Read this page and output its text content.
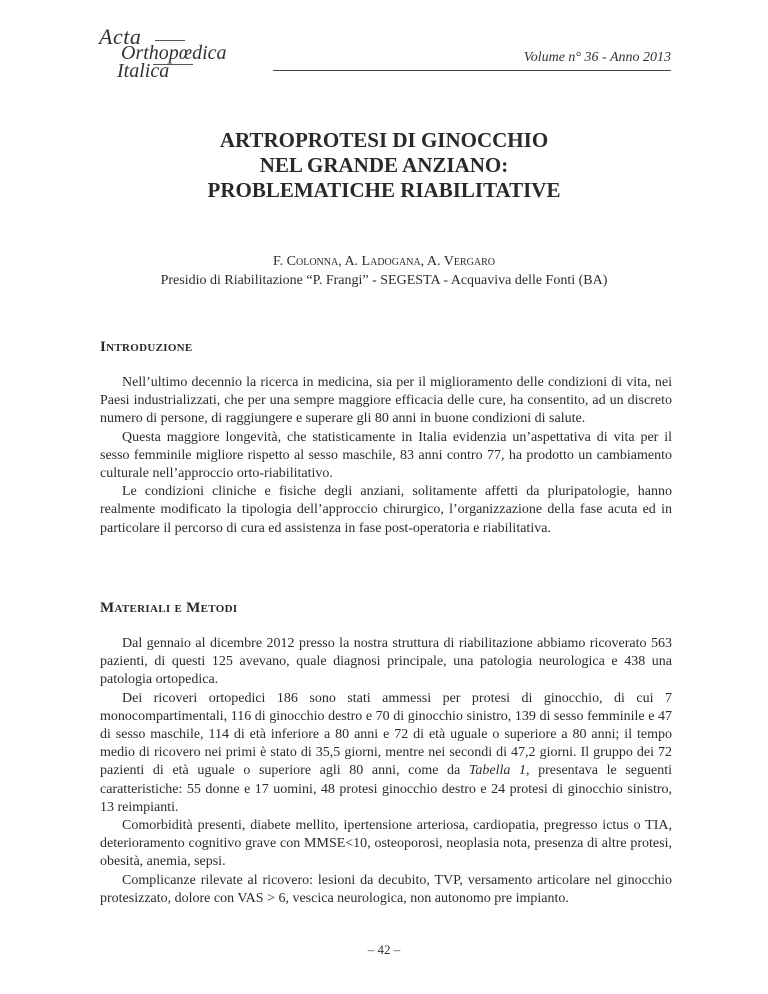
Acta
Orthopœdica
Italica
Volume n° 36 - Anno 2013
ARTROPROTESI DI GINOCCHIO
NEL GRANDE ANZIANO:
PROBLEMATICHE RIABILITATIVE
F. Colonna, A. Ladogana, A. Vergaro
Presidio di Riabilitazione “P. Frangi” - SEGESTA - Acquaviva delle Fonti (BA)
Introduzione

Nell’ultimo decennio la ricerca in medicina, sia per il miglioramento delle condizioni di vita, nei Paesi industrializzati, che per una sempre maggiore efficacia delle cure, ha consentito, ad un discreto numero di persone, di raggiungere e superare gli 80 anni in buone condizioni di salute.

Questa maggiore longevità, che statisticamente in Italia evidenzia un’aspettativa di vita per il sesso femminile migliore rispetto al sesso maschile, 83 anni contro 77, ha prodotto un cambiamento culturale nell’approccio orto-riabilitativo.

Le condizioni cliniche e fisiche degli anziani, solitamente affetti da pluripatologie, hanno realmente modificato la tipologia dell’approccio chirurgico, l’organizzazione della fase acuta ed in particolare il percorso di cura ed assistenza in fase post-operatoria e riabilitativa.

Materiali e Metodi

Dal gennaio al dicembre 2012 presso la nostra struttura di riabilitazione abbiamo ricoverato 563 pazienti, di questi 125 avevano, quale diagnosi principale, una patologia neurologica e 438 una patologia ortopedica.

Dei ricoveri ortopedici 186 sono stati ammessi per protesi di ginocchio, di cui 7 monocompartimentali, 116 di ginocchio destro e 70 di ginocchio sinistro, 139 di sesso femminile e 47 di sesso maschile, 114 di età inferiore a 80 anni e 72 di età uguale o superiore a 80 anni; il tempo medio di ricovero nei primi è stato di 35,5 giorni, mentre nei secondi di 47,2 giorni. Il gruppo dei 72 pazienti di età uguale o superiore agli 80 anni, come da Tabella 1, presentava le seguenti caratteristiche: 55 donne e 17 uomini, 48 protesi ginocchio destro e 24 protesi di ginocchio sinistro, 13 reimpianti.

Comorbidità presenti, diabete mellito, ipertensione arteriosa, cardiopatia, pregresso ictus o TIA, deterioramento cognitivo grave con MMSE<10, osteoporosi, neoplasia nota, presenza di altre protesi, obesità, anemia, sepsi.

Complicanze rilevate al ricovero: lesioni da decubito, TVP, versamento articolare nel ginocchio protesizzato, dolore con VAS > 6, vescica neurologica, non autonomo pre impianto.

– 42 –
